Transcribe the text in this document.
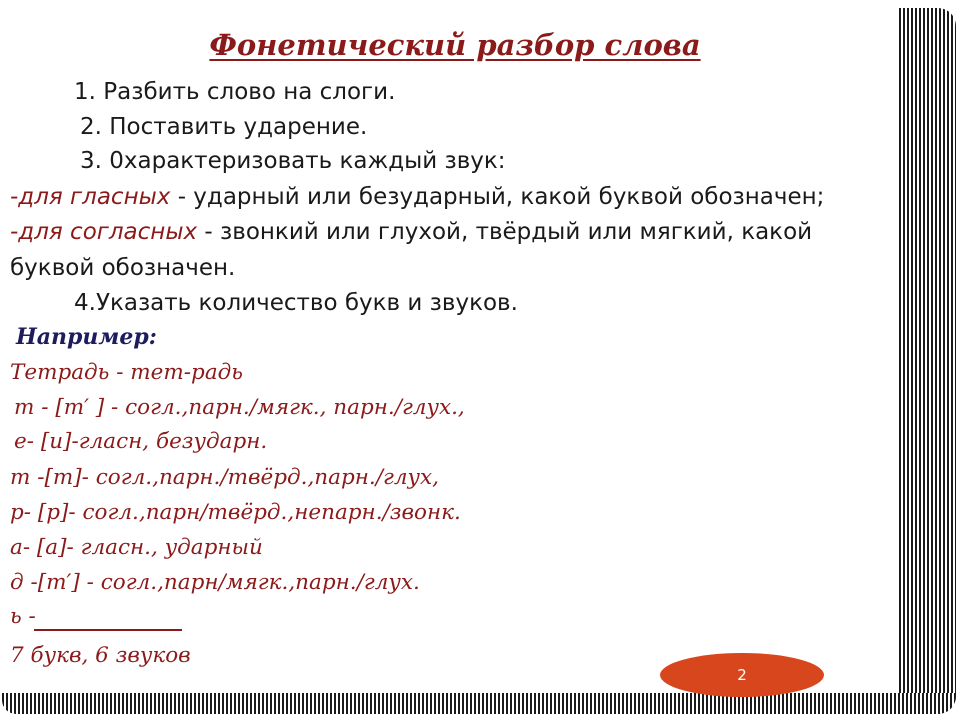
Фонетический разбор слова
1. Разбить слово на слоги.
2. Поставить ударение.
3. 0характеризовать каждый звук:
-для гласных - ударный или безударный, какой буквой обозначен;
-для согласных - звонкий или глухой, твёрдый или мягкий, какой
буквой обозначен.
4.Указать количество букв и звуков.
Например:
Тетрадь - тет-радь
т - [т′ ] - согл.,парн./мягк., парн./глух.,
е- [и]-гласн, безударн.
т -[т]- согл.,парн./твёрд.,парн./глух,
р- [р]- согл.,парн/твёрд.,непарн./звонк.
а- [а]- гласн., ударный
д -[т′] - согл.,парн/мягк.,парн./глух.
ь -
7 букв, 6 звуков
2
